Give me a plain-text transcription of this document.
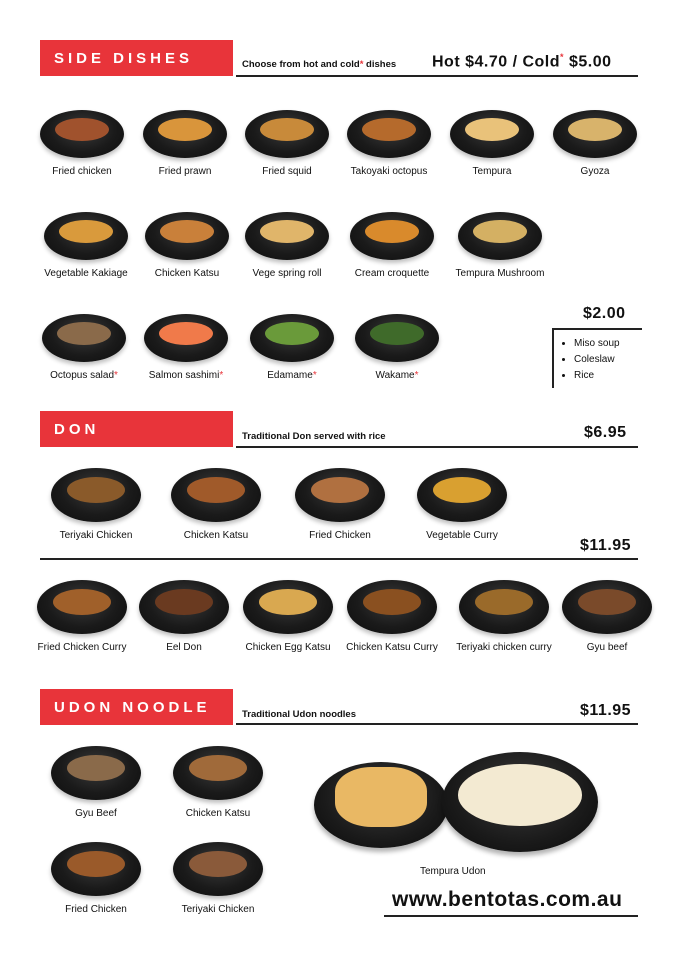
SIDE DISHES	Choose from hot and cold* dishes Hot $4.70 / Cold* $5.00
Fried chicken	Fried prawn	Fried squid	Takoyaki octopus	Tempura	Gyoza
Vegetable Kakiage	Chicken Katsu	Vege spring roll	Cream croquette	Tempura Mushroom
Octopus salad*	Salmon sashimi*	Edamame*	Wakame*
$2.00
• Miso soup
• Coleslaw
• Rice
DON	Traditional Don served with rice	$6.95
Teriyaki Chicken	Chicken Katsu	Fried Chicken	Vegetable Curry
$11.95
Fried Chicken Curry	Eel Don	Chicken Egg Katsu	Chicken Katsu Curry	Teriyaki chicken curry	Gyu beef
UDON NOODLE	Traditional Udon noodles	$11.95
Gyu Beef	Chicken Katsu
Fried Chicken	Teriyaki Chicken
Tempura Udon
www.bentotas.com.au
